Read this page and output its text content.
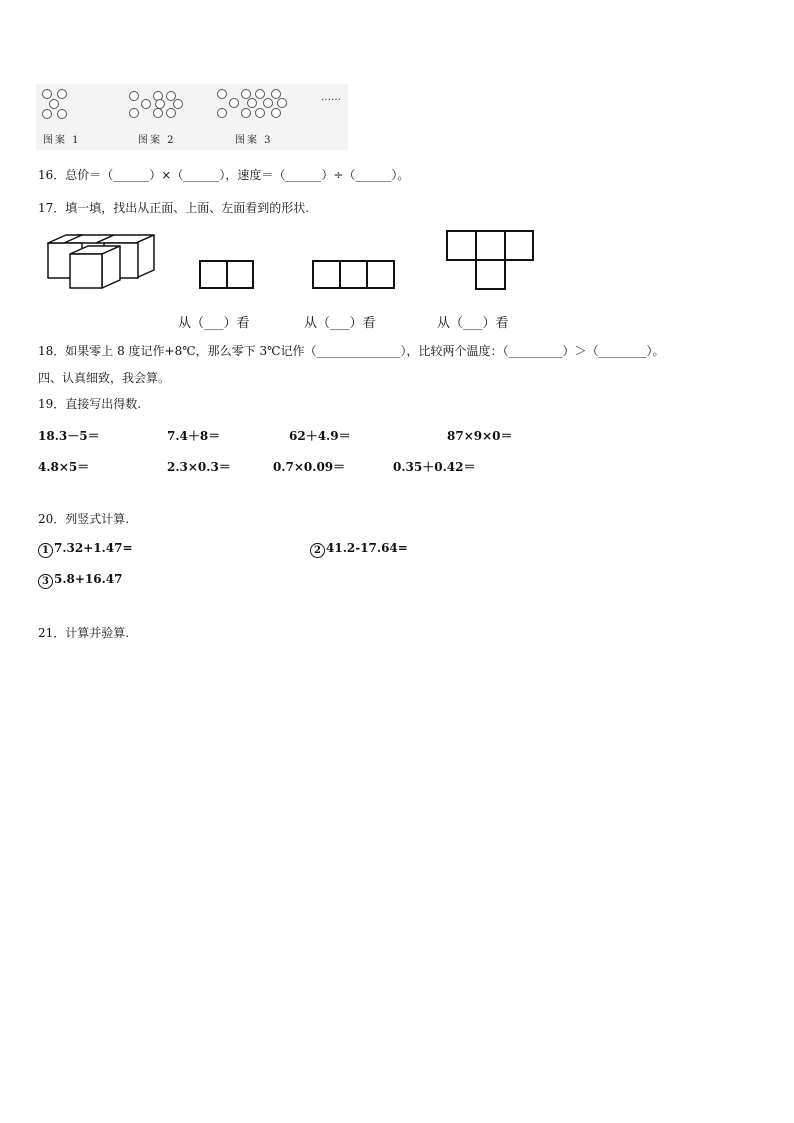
图案 1	图案 2	图案 3
……
16．总价＝（______）×（______），速度＝（______）÷（______）。
17．填一填，找出从正面、上面、左面看到的形状.
从（___）看	从（___）看	从（___）看
18．如果零上 8 度记作+8℃，那么零下 3℃记作（______________），比较两个温度：（_________）＞（________）。
四、认真细致，我会算。
19．直接写出得数.
18.3－5＝	7.4＋8＝	62＋4.9＝	87×9×0＝
4.8×5＝	2.3×0.3＝	0.7×0.09＝	0.35＋0.42＝
20．列竖式计算.
1 7.32+1.47=	2 41.2-17.64=
3 5.8+16.47
21．计算并验算.
